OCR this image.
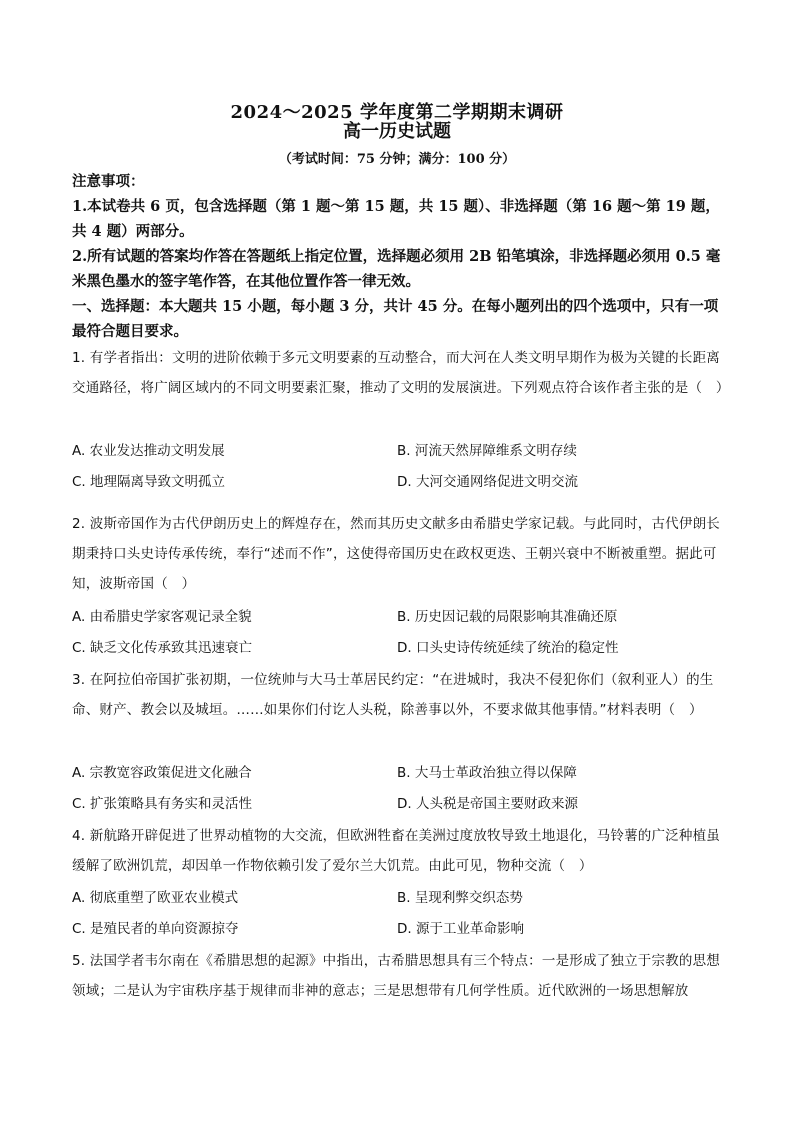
2024～2025 学年度第二学期期末调研
高一历史试题
（考试时间：75 分钟；满分：100 分）
注意事项：
1.本试卷共 6 页，包含选择题（第 1 题～第 15 题，共 15 题）、非选择题（第 16 题～第 19 题，共 4 题）两部分。
2.所有试题的答案均作答在答题纸上指定位置，选择题必须用 2B 铅笔填涂，非选择题必须用 0.5 毫米黑色墨水的签字笔作答，在其他位置作答一律无效。
一、选择题：本大题共 15 小题，每小题 3 分，共计 45 分。在每小题列出的四个选项中，只有一项最符合题目要求。
1. 有学者指出：文明的进阶依赖于多元文明要素的互动整合，而大河在人类文明早期作为极为关键的长距离交通路径，将广阔区域内的不同文明要素汇聚，推动了文明的发展演进。下列观点符合该作者主张的是（　）
A. 农业发达推动文明发展	B. 河流天然屏障维系文明存续
C. 地理隔离导致文明孤立	D. 大河交通网络促进文明交流
2. 波斯帝国作为古代伊朗历史上的辉煌存在，然而其历史文献多由希腊史学家记载。与此同时，古代伊朗长期秉持口头史诗传承传统，奉行“述而不作”，这使得帝国历史在政权更迭、王朝兴衰中不断被重塑。据此可知，波斯帝国（　）
A. 由希腊史学家客观记录全貌	B. 历史因记载的局限影响其准确还原
C. 缺乏文化传承致其迅速衰亡	D. 口头史诗传统延续了统治的稳定性
3. 在阿拉伯帝国扩张初期，一位统帅与大马士革居民约定：“在进城时，我决不侵犯你们（叙利亚人）的生命、财产、教会以及城垣。……如果你们付讫人头税，除善事以外，不要求做其他事情。”材料表明（　）
A. 宗教宽容政策促进文化融合	B. 大马士革政治独立得以保障
C. 扩张策略具有务实和灵活性	D. 人头税是帝国主要财政来源
4. 新航路开辟促进了世界动植物的大交流，但欧洲牲畜在美洲过度放牧导致土地退化，马铃薯的广泛种植虽缓解了欧洲饥荒，却因单一作物依赖引发了爱尔兰大饥荒。由此可见，物种交流（　）
A. 彻底重塑了欧亚农业模式	B. 呈现利弊交织态势
C. 是殖民者的单向资源掠夺	D. 源于工业革命影响
5. 法国学者韦尔南在《希腊思想的起源》中指出，古希腊思想具有三个特点：一是形成了独立于宗教的思想领域；二是认为宇宙秩序基于规律而非神的意志；三是思想带有几何学性质。近代欧洲的一场思想解放
